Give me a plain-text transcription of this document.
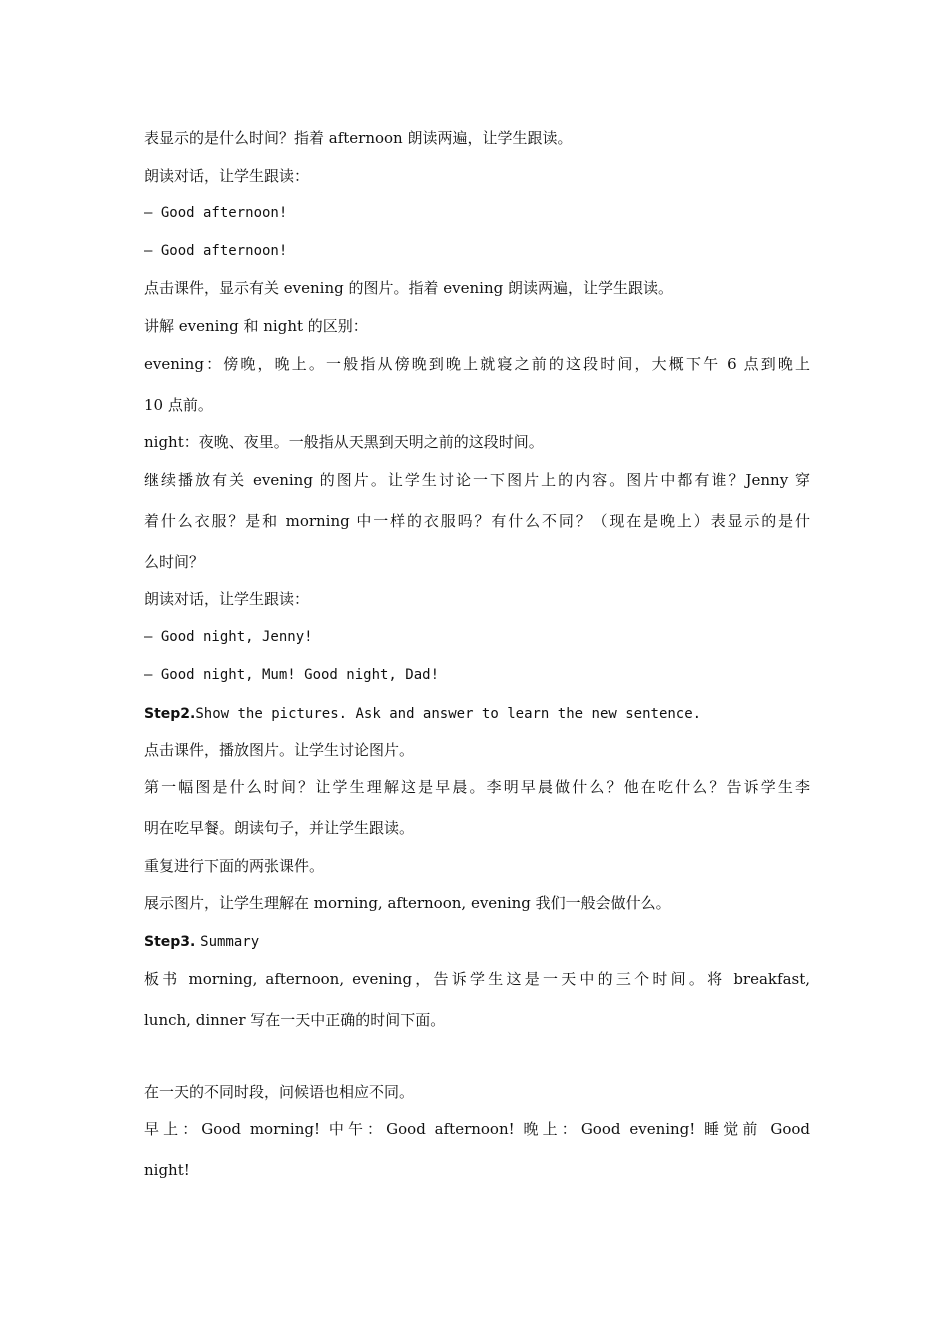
表显示的是什么时间？指着 afternoon 朗读两遍，让学生跟读。
朗读对话，让学生跟读：
— Good afternoon!
— Good afternoon!
点击课件，显示有关 evening 的图片。指着 evening 朗读两遍，让学生跟读。
讲解 evening 和 night 的区别：
evening：傍晚，晚上。一般指从傍晚到晚上就寝之前的这段时间，大概下午 6 点到晚上
10 点前。
night：夜晚、夜里。一般指从天黑到天明之前的这段时间。
继续播放有关 evening 的图片。让学生讨论一下图片上的内容。图片中都有谁？Jenny 穿
着什么衣服？是和 morning 中一样的衣服吗？有什么不同？（现在是晚上）表显示的是什
么时间？
朗读对话，让学生跟读：
— Good night, Jenny!
— Good night, Mum! Good night, Dad!
Step2.Show the pictures. Ask and answer to learn the new sentence.
点击课件，播放图片。让学生讨论图片。
第一幅图是什么时间？让学生理解这是早晨。李明早晨做什么？他在吃什么？告诉学生李
明在吃早餐。朗读句子，并让学生跟读。
重复进行下面的两张课件。
展示图片，让学生理解在 morning, afternoon, evening 我们一般会做什么。
Step3. Summary
板书 morning, afternoon, evening，告诉学生这是一天中的三个时间。将 breakfast,
lunch, dinner 写在一天中正确的时间下面。
在一天的不同时段，问候语也相应不同。
早上：Good morning! 中午：Good afternoon! 晚上：Good evening! 睡觉前 Good
night!
